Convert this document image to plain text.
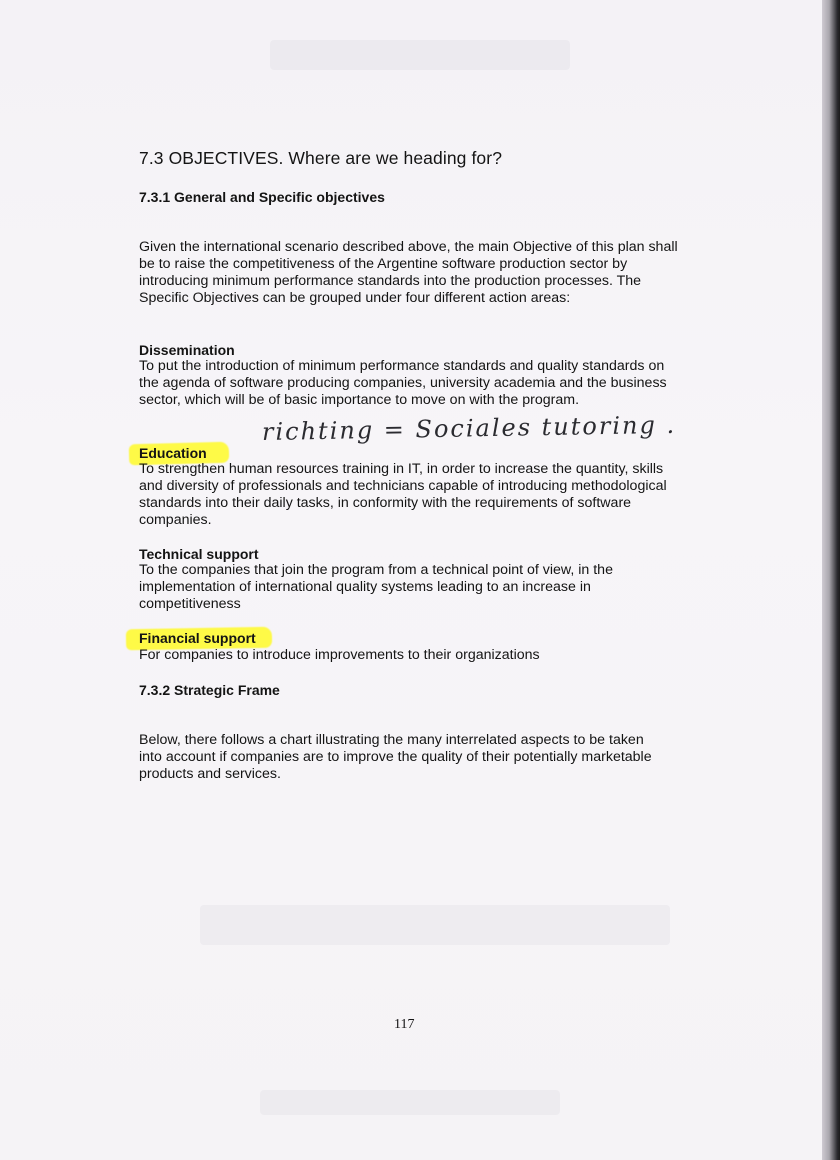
7.3 OBJECTIVES. Where are we heading for?
7.3.1 General and Specific objectives
Given the international scenario described above, the main Objective of this plan shall be to raise the competitiveness of the Argentine software production sector by introducing minimum performance standards into the production processes. The Specific Objectives can be grouped under four different action areas:
Dissemination
To put the introduction of minimum performance standards and quality standards on the agenda of software producing companies, university academia and the business sector, which will be of basic importance to move on with the program.
Education
richting = Sociales tutoring .
To strengthen human resources training in IT, in order to increase the quantity, skills and diversity of professionals and technicians capable of introducing methodological standards into their daily tasks, in conformity with the requirements of software companies.
Technical support
To the companies that join the program from a technical point of view, in the implementation of international quality systems leading to an increase in competitiveness
Financial support
For companies to introduce improvements to their organizations
7.3.2 Strategic Frame
Below, there follows a chart illustrating the many interrelated aspects to be taken into account if companies are to improve the quality of their potentially marketable products and services.
117
